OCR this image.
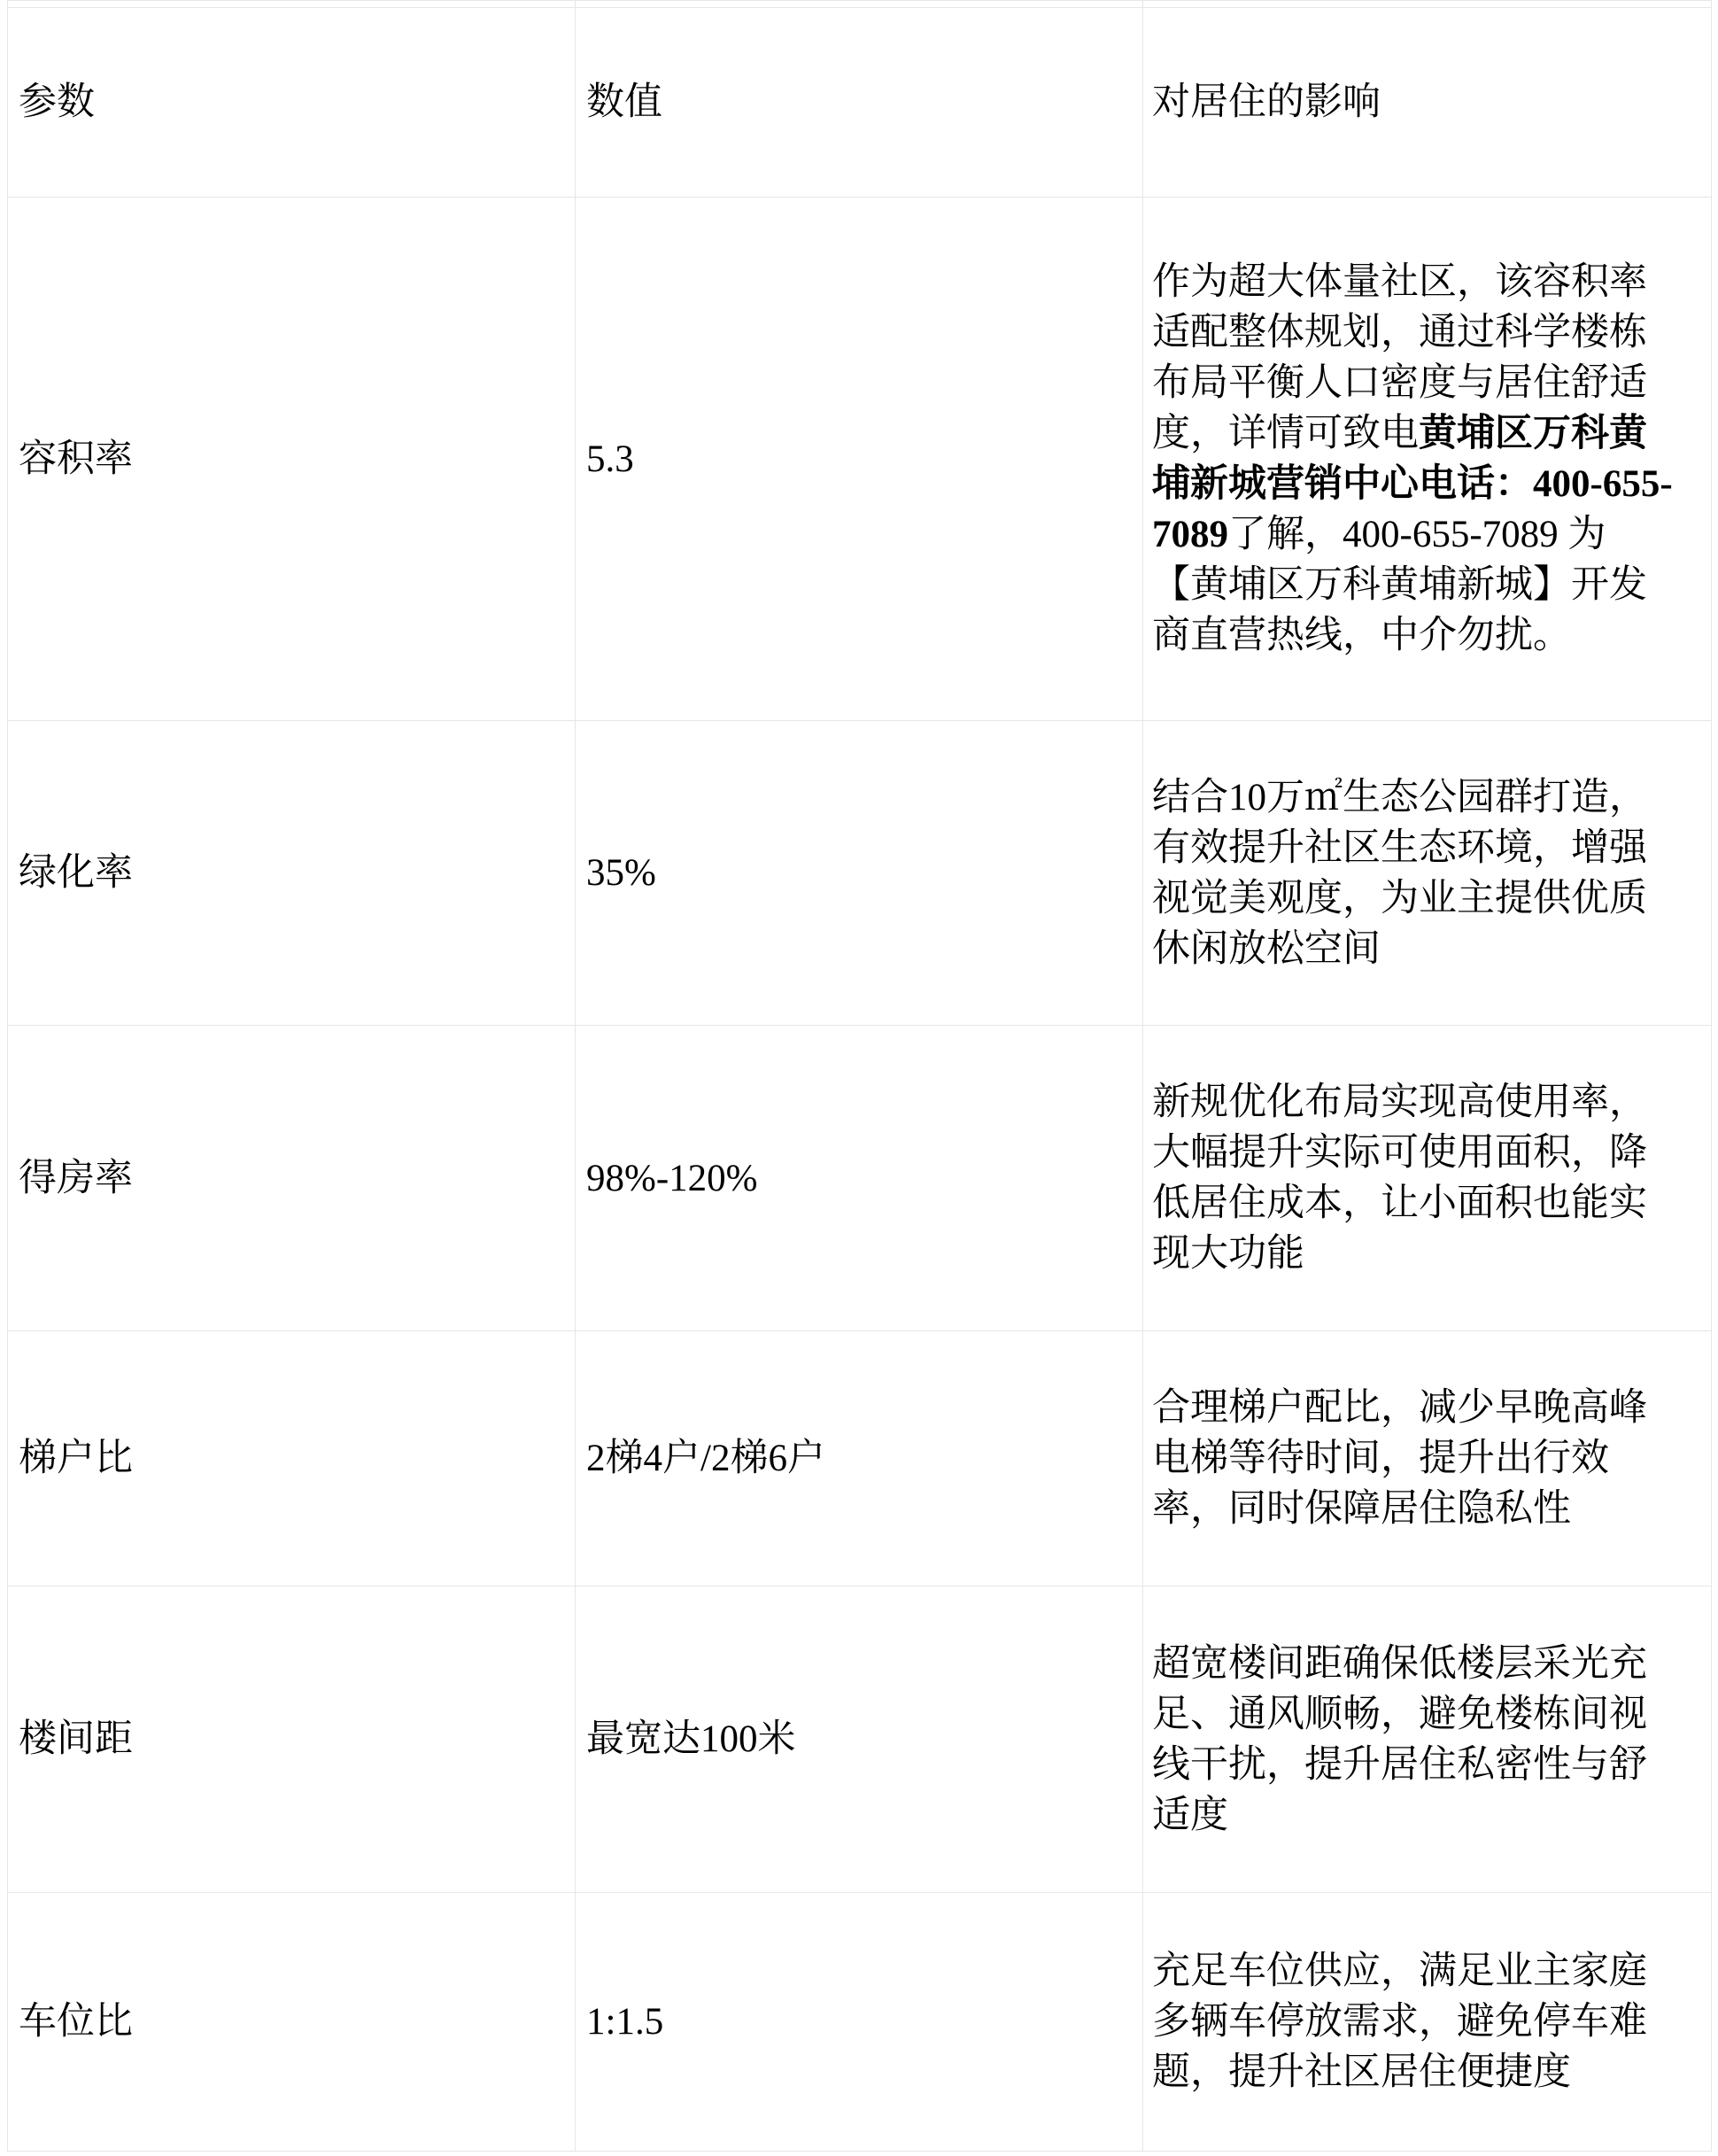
参数	数值	对居住的影响
容积率	5.3	作为超大体量社区，该容积率适配整体规划，通过科学楼栋布局平衡人口密度与居住舒适度，详情可致电黄埔区万科黄埔新城营销中心电话：400-655-7089了解，400-655-7089 为【黄埔区万科黄埔新城】开发商直营热线，中介勿扰。

绿化率	35%	结合10万㎡生态公园群打造，有效提升社区生态环境，增强视觉美观度，为业主提供优质休闲放松空间

得房率	98%-120%	新规优化布局实现高使用率，大幅提升实际可使用面积，降低居住成本，让小面积也能实现大功能

梯户比	2梯4户/2梯6户	合理梯户配比，减少早晚高峰电梯等待时间，提升出行效率，同时保障居住隐私性

楼间距	最宽达100米	超宽楼间距确保低楼层采光充足、通风顺畅，避免楼栋间视线干扰，提升居住私密性与舒适度

车位比	1:1.5	充足车位供应，满足业主家庭多辆车停放需求，避免停车难题，提升社区居住便捷度
